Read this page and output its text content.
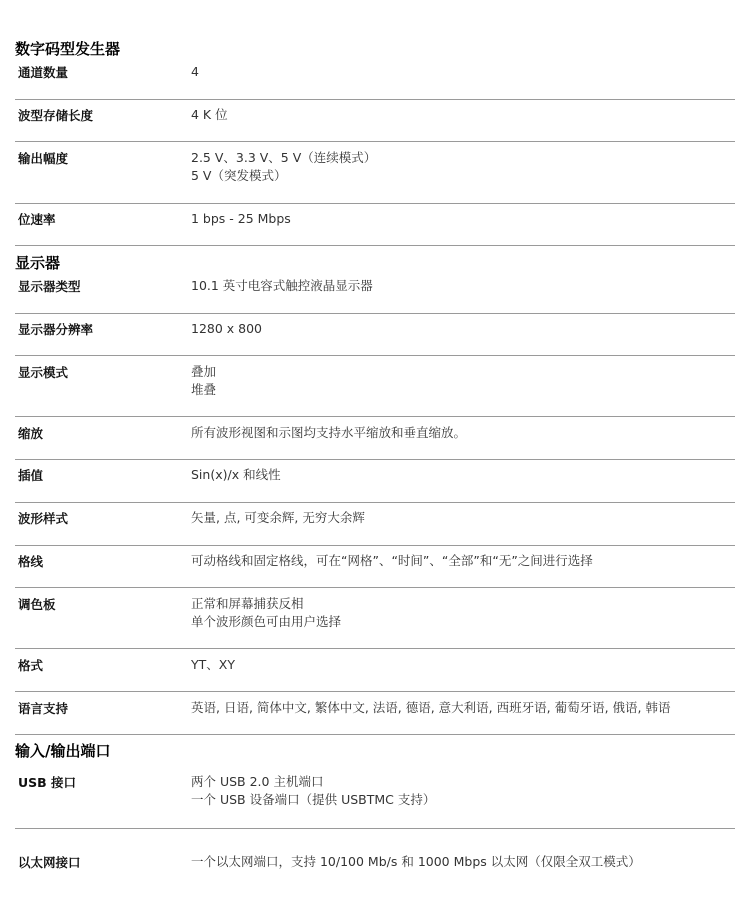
数字码型发生器
通道数量	4
波型存储长度	4 K 位
输出幅度	2.5 V、3.3 V、5 V（连续模式）
5 V（突发模式）
位速率	1 bps - 25 Mbps
显示器
显示器类型	10.1 英寸电容式触控液晶显示器
显示器分辨率	1280 x 800
显示模式	叠加
堆叠
缩放	所有波形视图和示图均支持水平缩放和垂直缩放。
插值	Sin(x)/x 和线性
波形样式	矢量, 点, 可变余辉, 无穷大余辉
格线	可动格线和固定格线，可在“网格”、“时间”、“全部”和“无”之间进行选择
调色板	正常和屏幕捕获反相
单个波形颜色可由用户选择
格式	YT、XY
语言支持	英语, 日语, 简体中文, 繁体中文, 法语, 德语, 意大利语, 西班牙语, 葡萄牙语, 俄语, 韩语
输入/输出端口
USB 接口	两个 USB 2.0 主机端口
一个 USB 设备端口（提供 USBTMC 支持）
以太网接口	一个以太网端口，支持 10/100 Mb/s 和 1000 Mbps 以太网（仅限全双工模式）
